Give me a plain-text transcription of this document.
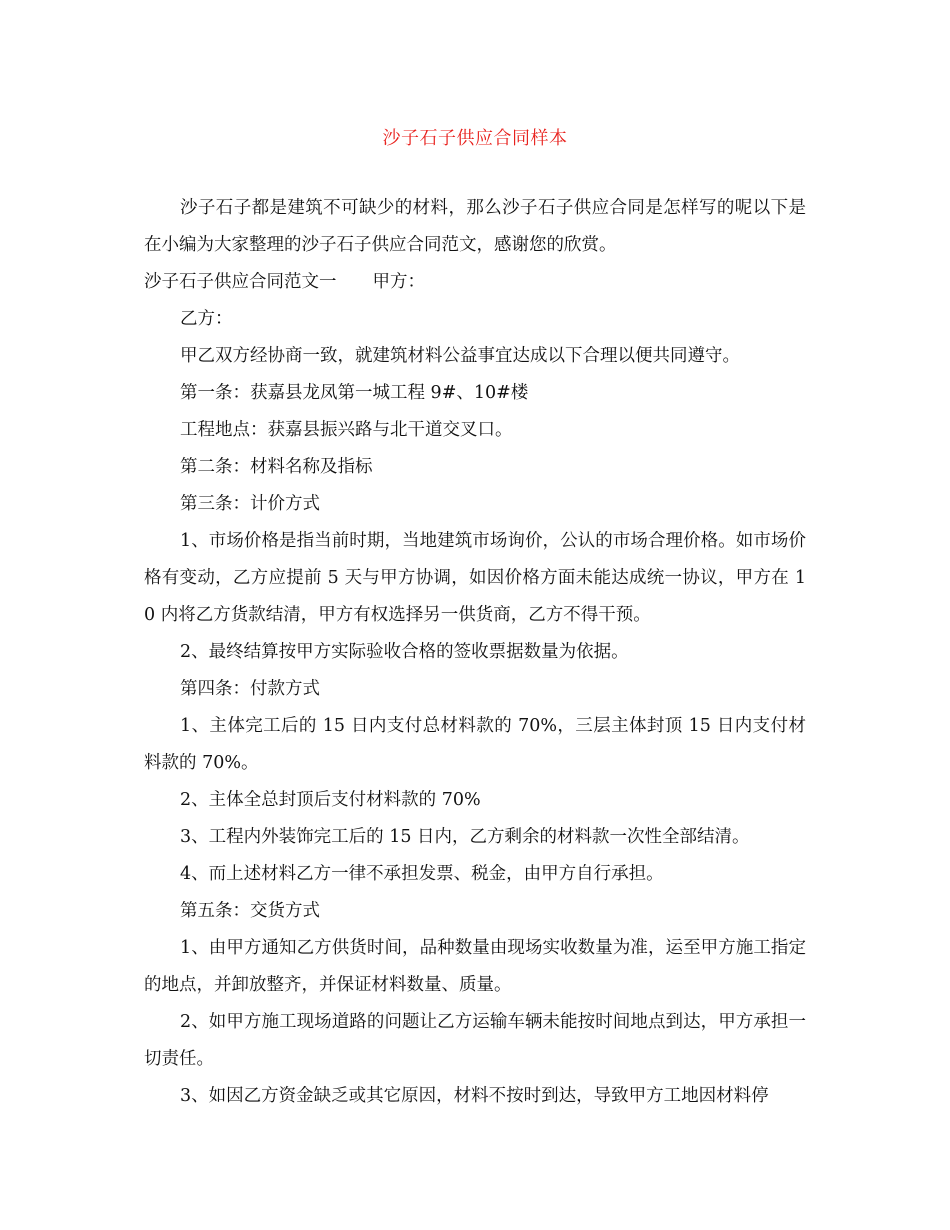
沙子石子供应合同样本

沙子石子都是建筑不可缺少的材料，那么沙子石子供应合同是怎样写的呢以下是在小编为大家整理的沙子石子供应合同范文，感谢您的欣赏。

沙子石子供应合同范文一 甲方：

乙方：

甲乙双方经协商一致，就建筑材料公益事宜达成以下合理以便共同遵守。

第一条：获嘉县龙凤第一城工程 9#、10#楼

工程地点：获嘉县振兴路与北干道交叉口。

第二条：材料名称及指标

第三条：计价方式

1、市场价格是指当前时期，当地建筑市场询价，公认的市场合理价格。如市场价格有变动，乙方应提前 5 天与甲方协调，如因价格方面未能达成统一协议，甲方在 10 内将乙方货款结清，甲方有权选择另一供货商，乙方不得干预。

2、最终结算按甲方实际验收合格的签收票据数量为依据。

第四条：付款方式

1、主体完工后的 15 日内支付总材料款的 70%，三层主体封顶 15 日内支付材料款的 70%。

2、主体全总封顶后支付材料款的 70%

3、工程内外装饰完工后的 15 日内，乙方剩余的材料款一次性全部结清。

4、而上述材料乙方一律不承担发票、税金，由甲方自行承担。

第五条：交货方式

1、由甲方通知乙方供货时间，品种数量由现场实收数量为准，运至甲方施工指定的地点，并卸放整齐，并保证材料数量、质量。

2、如甲方施工现场道路的问题让乙方运输车辆未能按时间地点到达，甲方承担一切责任。

3、如因乙方资金缺乏或其它原因，材料不按时到达，导致甲方工地因材料停
